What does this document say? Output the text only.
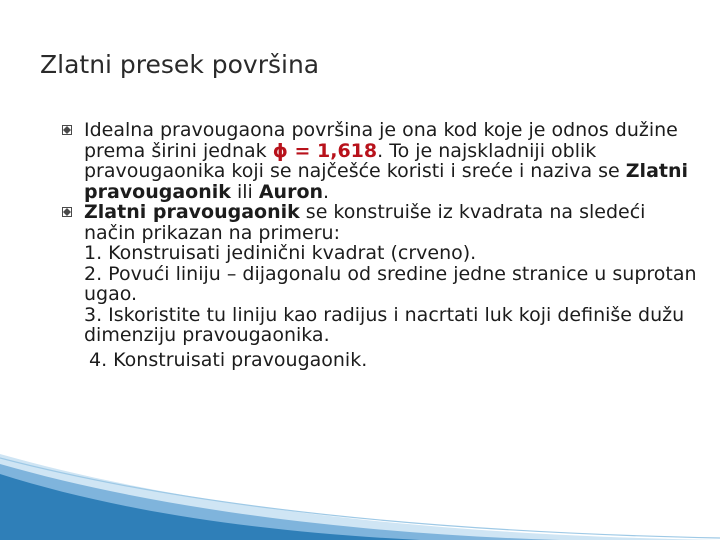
Zlatni presek površina
Idealna pravougaona površina je ona kod koje je odnos dužine prema širini jednak ϕ = 1,618. To je najskladniji oblik pravougaonika koji se najčešće koristi i sreće i naziva se Zlatni pravougaonik ili Auron.
Zlatni pravougaonik se konstruiše iz kvadrata na sledeći način prikazan na primeru:
1. Konstruisati jedinični kvadrat (crveno).
2. Povući liniju – dijagonalu od sredine jedne stranice u suprotan ugao.
3. Iskoristite tu liniju kao radijus i nacrtati luk koji definiše dužu dimenziju pravougaonika.
4. Konstruisati pravougaonik.
